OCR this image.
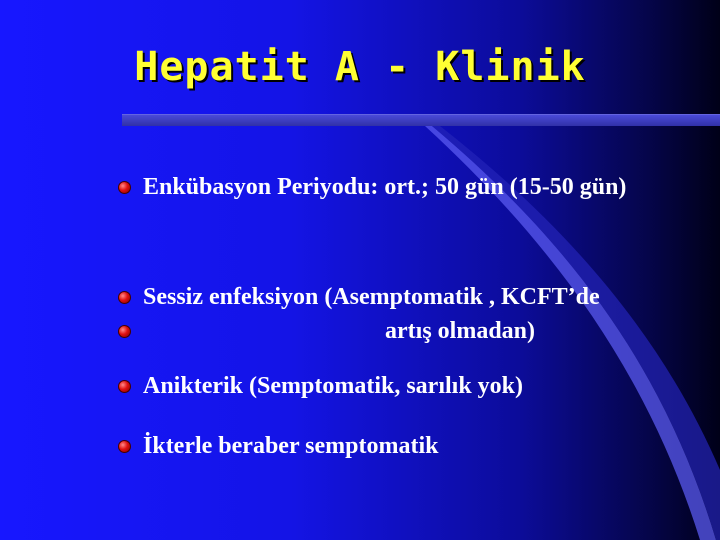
Hepatit A - Klinik
Enkübasyon Periyodu: ort.; 50 gün (15-50 gün)
Sessiz enfeksiyon (Asemptomatik , KCFT’de
artış olmadan)
Anikterik (Semptomatik, sarılık yok)
İkterle beraber semptomatik
